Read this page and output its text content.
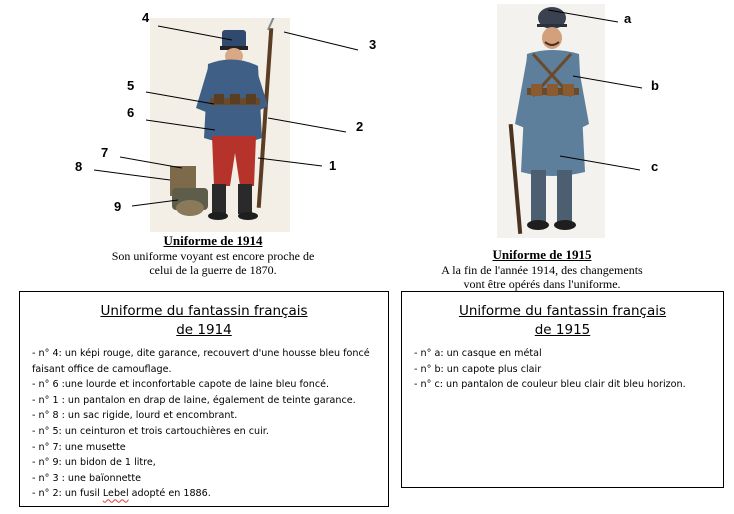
4
3
5
6
2
7
8	1
9
a
b
c
Uniforme de 1914
Son uniforme voyant est encore proche de
celui de la guerre de 1870.
Uniforme de 1915
A la fin de l'année 1914, des changements
vont être opérés dans l'uniforme.
Uniforme du fantassin français
de 1914
- n° 4: un képi rouge, dite garance, recouvert d'une housse bleu foncé faisant office de camouflage.
- n° 6 :une lourde et inconfortable capote de laine bleu foncé.
- n° 1 : un pantalon en drap de laine, également de teinte garance.
- n° 8 : un sac rigide, lourd et encombrant.
- n° 5: un ceinturon et trois cartouchières en cuir.
- n° 7: une musette
- n° 9: un bidon de 1 litre,
- n° 3 : une baïonnette
- n° 2: un fusil Lebel adopté en 1886.
Uniforme du fantassin français
de 1915
- n° a: un casque en métal
- n° b: un capote plus clair
- n° c: un pantalon de couleur bleu clair dit bleu horizon.
